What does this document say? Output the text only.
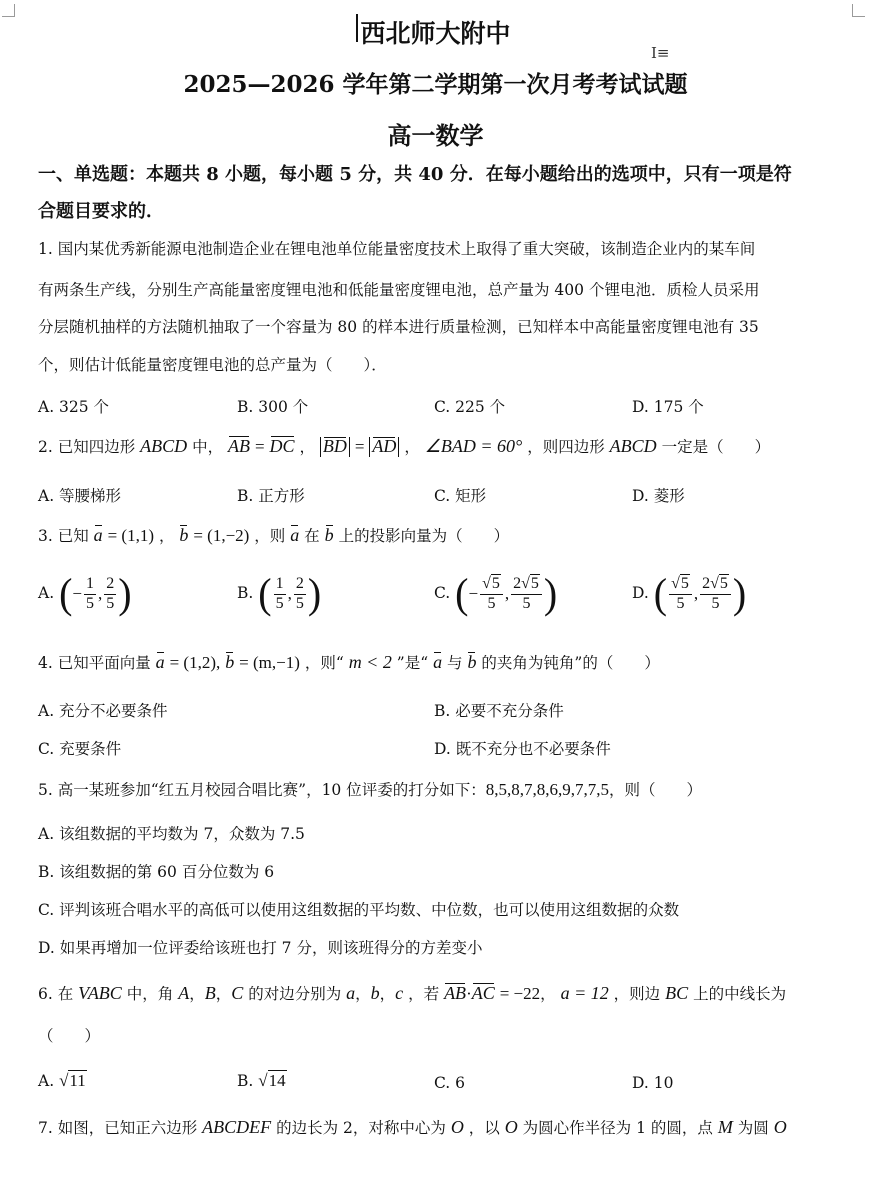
I≡
西北师大附中
2025—2026 学年第二学期第一次月考考试试题
高一数学
一、单选题：本题共 8 小题，每小题 5 分，共 40 分．在每小题给出的选项中，只有一项是符
合题目要求的．
1. 国内某优秀新能源电池制造企业在锂电池单位能量密度技术上取得了重大突破，该制造企业内的某车间
有两条生产线，分别生产高能量密度锂电池和低能量密度锂电池，总产量为 400 个锂电池．质检人员采用
分层随机抽样的方法随机抽取了一个容量为 80 的样本进行质量检测，已知样本中高能量密度锂电池有 35
个，则估计低能量密度锂电池的总产量为（　　）．
A. 325 个	B. 300 个	C. 225 个	D. 175 个
2. 已知四边形 ABCD 中， AB = DC ， BD = AD ， ∠BAD = 60° ，则四边形 ABCD 一定是（　　）
A. 等腰梯形	B. 正方形	C. 矩形	D. 菱形
3. 已知 a = (1,1) ， b = (1,−2) ，则 a 在 b 上的投影向量为（　　）
A. ( − $\frac{1}{5}$ , $\frac{2}{5}$ )	B. ( $\frac{1}{5}$ , $\frac{2}{5}$ )	C. ( − $\frac{√5}{5}$ , $\frac{2√5}{5}$ )	D. ( $\frac{√5}{5}$ , $\frac{2√5}{5}$ )
4. 已知平面向量 a = (1,2), b = (m,−1) ，则“ m < 2 ”是“ a 与 b 的夹角为钝角”的（　　）
A. 充分不必要条件	B. 必要不充分条件
C. 充要条件	D. 既不充分也不必要条件
5. 高一某班参加“红五月校园合唱比赛”，10 位评委的打分如下：8,5,8,7,8,6,9,7,7,5，则（　　）
A. 该组数据的平均数为 7，众数为 7.5
B. 该组数据的第 60 百分位数为 6
C. 评判该班合唱水平的高低可以使用这组数据的平均数、中位数，也可以使用这组数据的众数
D. 如果再增加一位评委给该班也打 7 分，则该班得分的方差变小
6. 在 VABC 中，角 A，B，C 的对边分别为 a，b，c ，若 AB·AC = −22， a = 12 ，则边 BC 上的中线长为
（　　）
A. √11	B. √14	C. 6	D. 10
7. 如图，已知正六边形 ABCDEF 的边长为 2，对称中心为 O ，以 O 为圆心作半径为 1 的圆，点 M 为圆 O
